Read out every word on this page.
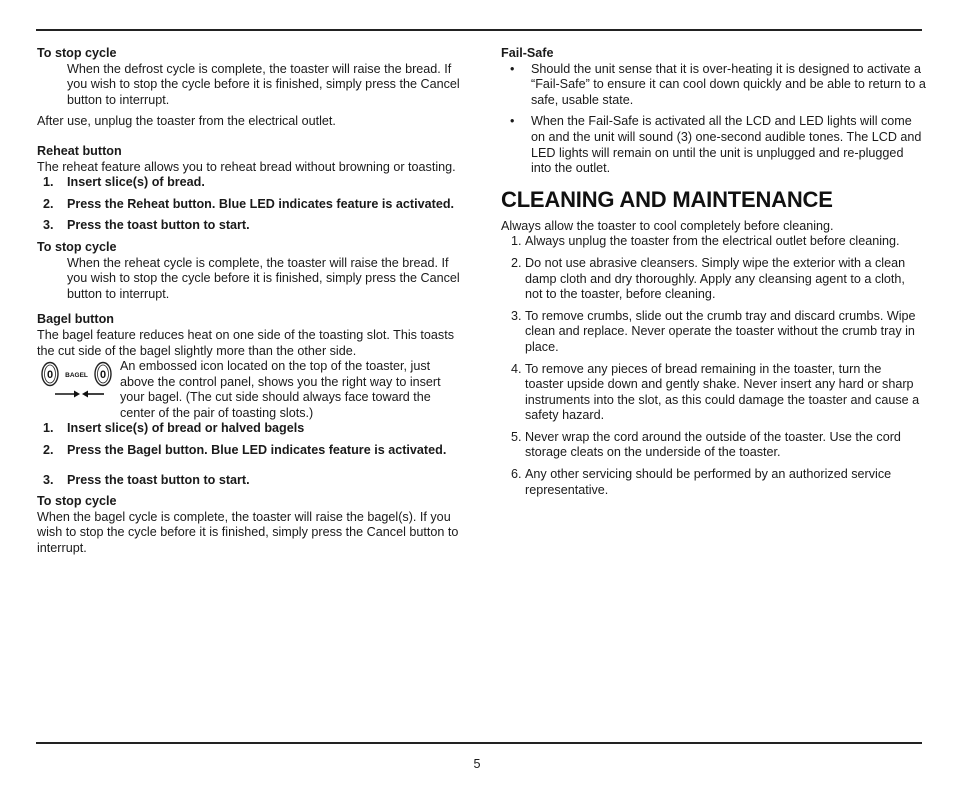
To stop cycle

When the defrost cycle is complete, the toaster will raise the bread. If you wish to stop the cycle before it is finished, simply press the Cancel button to interrupt.

After use, unplug the toaster from the electrical outlet.

Reheat button

The reheat feature allows you to reheat bread without browning or toasting.

1. Insert slice(s) of bread.
2. Press the Reheat button. Blue LED indicates feature is activated.
3. Press the toast button to start.

To stop cycle

When the reheat cycle is complete, the toaster will raise the bread. If you wish to stop the cycle before it is finished, simply press the Cancel button to interrupt.

Bagel button

The bagel feature reduces heat on one side of the toasting slot. This toasts the cut side of the bagel slightly more than the other side.

0	0
BAGEL

An embossed icon located on the top of the toaster, just above the control panel, shows you the right way to insert your bagel. (The cut side should always face toward the center of the pair of toasting slots.)

1. Insert slice(s) of bread or halved bagels
2. Press the Bagel button. Blue LED indicates feature is activated.
3. Press the toast button to start.

To stop cycle

When the bagel cycle is complete, the toaster will raise the bagel(s). If you wish to stop the cycle before it is finished, simply press the Cancel button to interrupt.

Fail-Safe

• Should the unit sense that it is over-heating it is designed to activate a “Fail-Safe” to ensure it can cool down quickly and be able to return to a safe, usable state.
• When the Fail-Safe is activated all the LCD and LED lights will come on and the unit will sound (3) one-second audible tones. The LCD and LED lights will remain on until the unit is unplugged and re-plugged into the outlet.
CLEANING AND MAINTENANCE

Always allow the toaster to cool completely before cleaning.

1. Always unplug the toaster from the electrical outlet before cleaning.
2. Do not use abrasive cleansers. Simply wipe the exterior with a clean damp cloth and dry thoroughly. Apply any cleansing agent to a cloth, not to the toaster, before cleaning.
3. To remove crumbs, slide out the crumb tray and discard crumbs. Wipe clean and replace. Never operate the toaster without the crumb tray in place.
4. To remove any pieces of bread remaining in the toaster, turn the toaster upside down and gently shake. Never insert any hard or sharp instruments into the slot, as this could damage the toaster and cause a safety hazard.
5. Never wrap the cord around the outside of the toaster. Use the cord storage cleats on the underside of the toaster.
6. Any other servicing should be performed by an authorized service representative.
5
